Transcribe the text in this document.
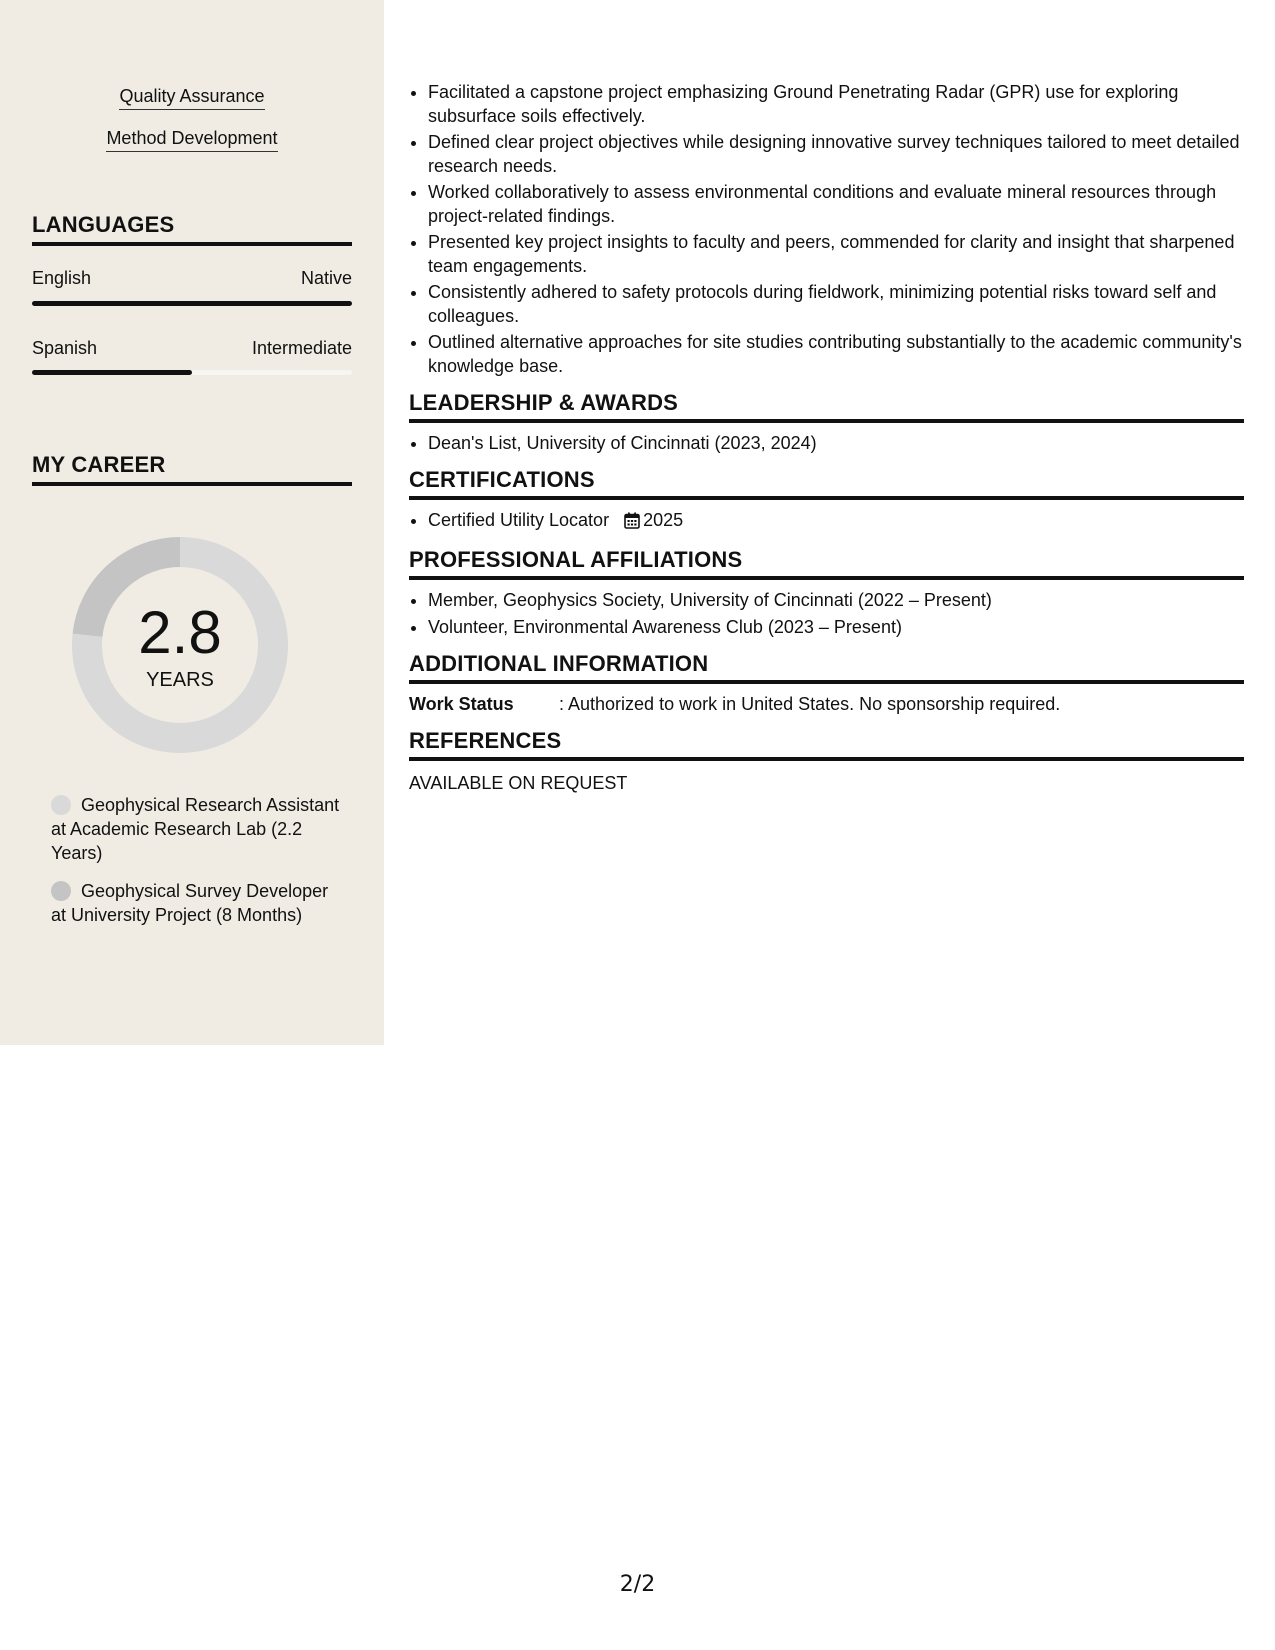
Quality Assurance
Method Development
LANGUAGES
English	Native
Spanish	Intermediate
MY CAREER
2.8
YEARS
Geophysical Research Assistant at Academic Research Lab (2.2 Years)
Geophysical Survey Developer at University Project (8 Months)
• Facilitated a capstone project emphasizing Ground Penetrating Radar (GPR) use for exploring subsurface soils effectively.
• Defined clear project objectives while designing innovative survey techniques tailored to meet detailed research needs.
• Worked collaboratively to assess environmental conditions and evaluate mineral resources through project-related findings.
• Presented key project insights to faculty and peers, commended for clarity and insight that sharpened team engagements.
• Consistently adhered to safety protocols during fieldwork, minimizing potential risks toward self and colleagues.
• Outlined alternative approaches for site studies contributing substantially to the academic community's knowledge base.
LEADERSHIP & AWARDS
• Dean's List, University of Cincinnati (2023, 2024)
CERTIFICATIONS
• Certified Utility Locator 2025
PROFESSIONAL AFFILIATIONS
• Member, Geophysics Society, University of Cincinnati (2022 – Present)
• Volunteer, Environmental Awareness Club (2023 – Present)
ADDITIONAL INFORMATION
Work Status	: Authorized to work in United States. No sponsorship required.
REFERENCES
AVAILABLE ON REQUEST
2/2
